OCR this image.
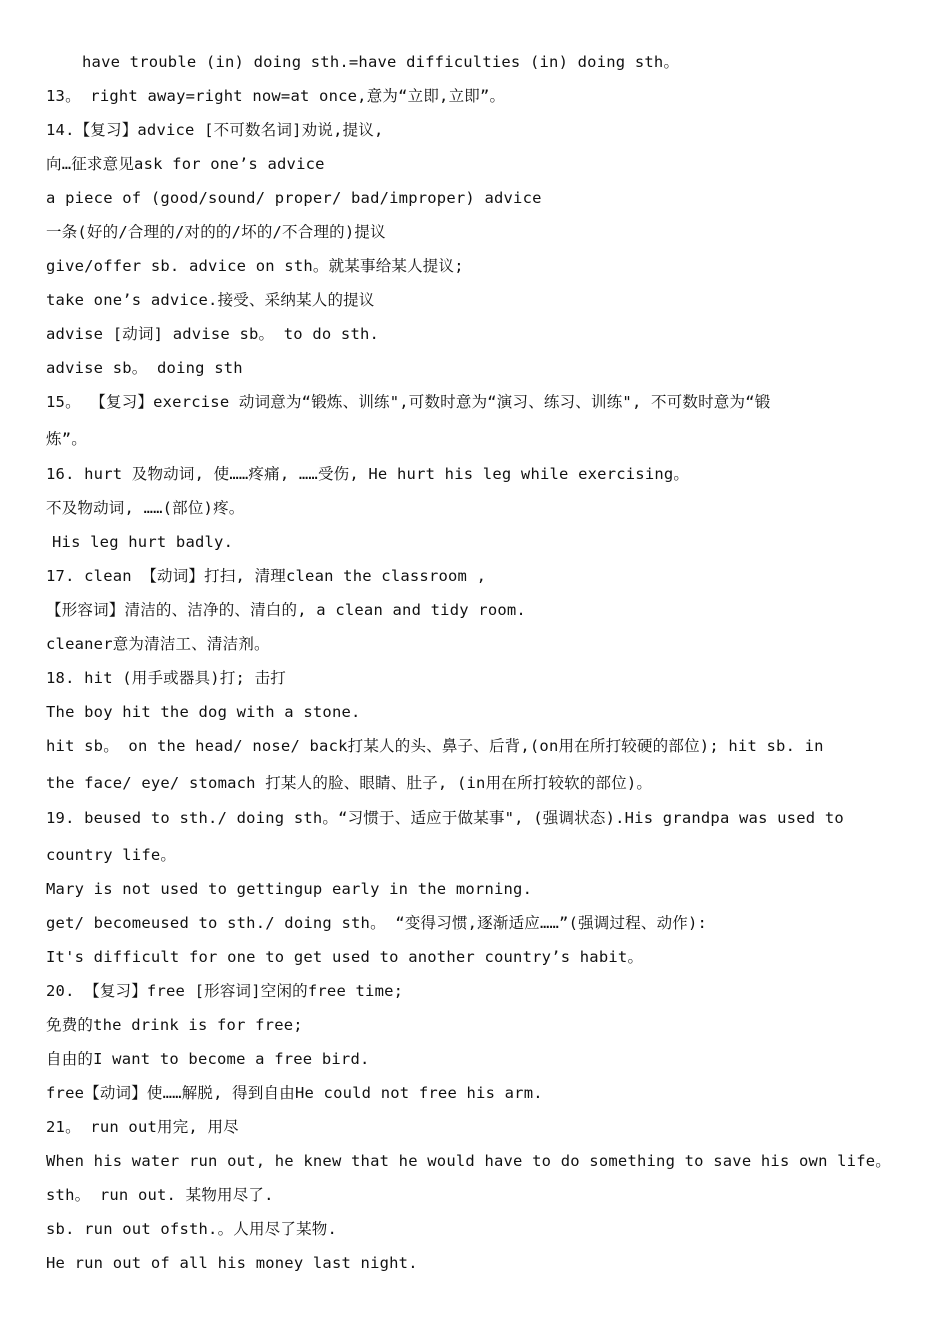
have trouble (in) doing sth.=have difficulties (in) doing sth。
13。 right away=right now=at once,意为“立即,立即”。
14.【复习】advice [不可数名词]劝说,提议,
向…征求意见ask for one’s advice
a piece of (good/sound/ proper/ bad/improper) advice
一条(好的/合理的/对的的/坏的/不合理的)提议
give/offer sb. advice on sth。就某事给某人提议;
take one’s advice.接受、采纳某人的提议
advise [动词] advise sb。 to do sth.
advise sb。 doing sth
15。 【复习】exercise 动词意为“锻炼、训练",可数时意为“演习、练习、训练", 不可数时意为“锻
炼”。
16. hurt 及物动词, 使……疼痛, ……受伤, He hurt his leg while exercising。
不及物动词, ……(部位)疼。
His leg hurt badly.
17. clean 【动词】打扫, 清理clean the classroom ,
【形容词】清洁的、洁净的、清白的, a clean and tidy room.
cleaner意为清洁工、清洁剂。
18. hit (用手或器具)打; 击打
The boy hit the dog with a stone.
hit sb。 on the head/ nose/ back打某人的头、鼻子、后背,(on用在所打较硬的部位); hit sb. in
the face/ eye/ stomach 打某人的脸、眼睛、肚子, (in用在所打较软的部位)。
19. beused to sth./ doing sth。“习惯于、适应于做某事", (强调状态).His grandpa was used to
country life。
Mary is not used to gettingup early in the morning.
get/ becomeused to sth./ doing sth。 “变得习惯,逐渐适应……”(强调过程、动作):
It's difficult for one to get used to another country’s habit。
20. 【复习】free [形容词]空闲的free time;
免费的the drink is for free;
自由的I want to become a free bird.
free【动词】使……解脱, 得到自由He could not free his arm.
21。 run out用完, 用尽
When his water run out, he knew that he would have to do something to save his own life。
sth。 run out. 某物用尽了.
sb. run out ofsth.。人用尽了某物.
He run out of all his money last night.
